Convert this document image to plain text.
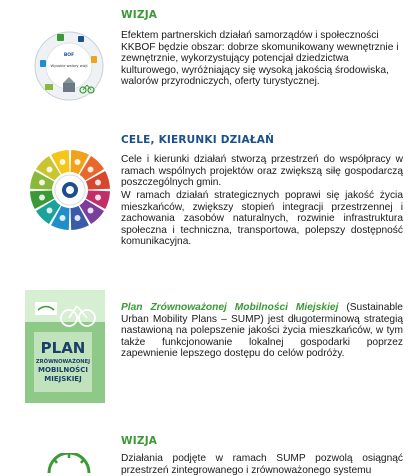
BOF
Wysokie walory wizji
WIZJA

Efektem partnerskich działań samorządów i społeczności KKBOF będzie obszar: dobrze skomunikowany wewnętrznie i zewnętrznie, wykorzystujący potencjał dziedzictwa kulturowego, wyróżniający się wysoką jakością środowiska, walorów przyrodniczych, oferty turystycznej.

CELE, KIERUNKI DZIAŁAŃ

Cele i kierunki działań stworzą przestrzeń do współpracy w ramach wspólnych projektów oraz zwiększą siłę gospodarczą poszczególnych gmin.

W ramach działań strategicznych poprawi się jakość życia mieszkańców, zwiększy stopień integracji przestrzennej i zachowania zasobów naturalnych, rozwinie infrastruktura społeczna i techniczna, transportowa, polepszy dostępność komunikacyjna.

PLAN
ZRÓWNOWAŻONEJ
MOBILNOŚCI
MIEJSKIEJ

Plan Zrównoważonej Mobilności Miejskiej (Sustainable Urban Mobility Plans – SUMP) jest długoterminową strategią nastawioną na polepszenie jakości życia mieszkańców, w tym także funkcjonowanie lokalnej gospodarki poprzez zapewnienie lepszego dostępu do celów podróży.

WIZJA

Działania podjęte w ramach SUMP pozwolą osiągnąć przestrzeń zintegrowanego i zrównoważonego systemu
